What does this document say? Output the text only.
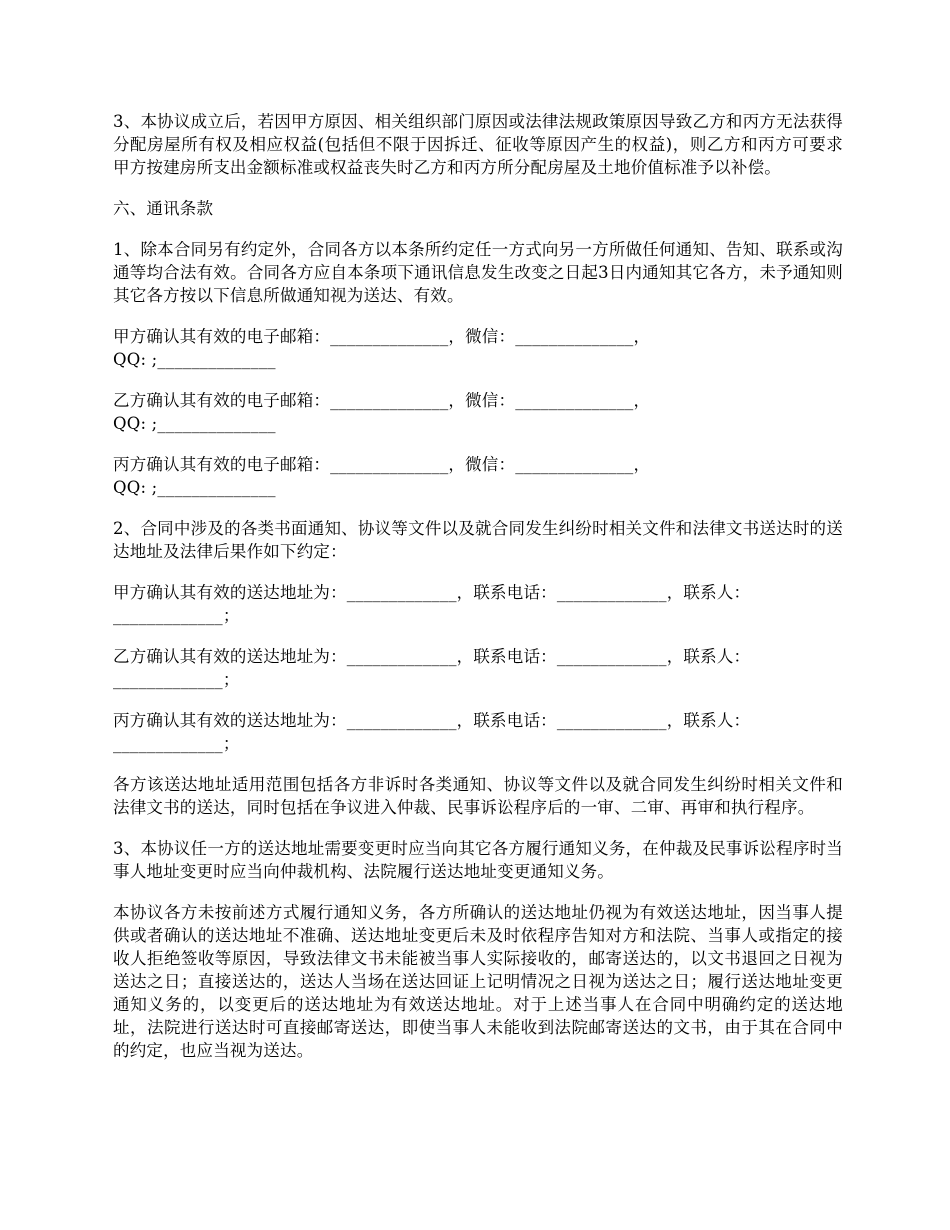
3、本协议成立后，若因甲方原因、相关组织部门原因或法律法规政策原因导致乙方和丙方无法获得分配房屋所有权及相应权益(包括但不限于因拆迁、征收等原因产生的权益)，则乙方和丙方可要求甲方按建房所支出金额标准或权益丧失时乙方和丙方所分配房屋及土地价值标准予以补偿。

六、通讯条款

1、除本合同另有约定外，合同各方以本条所约定任一方式向另一方所做任何通知、告知、联系或沟通等均合法有效。合同各方应自本条项下通讯信息发生改变之日起3日内通知其它各方，未予通知则其它各方按以下信息所做通知视为送达、有效。

甲方确认其有效的电子邮箱：______________，微信：______________，
QQ: ;______________

乙方确认其有效的电子邮箱：______________，微信：______________，
QQ: ;______________

丙方确认其有效的电子邮箱：______________，微信：______________，
QQ: ;______________

2、合同中涉及的各类书面通知、协议等文件以及就合同发生纠纷时相关文件和法律文书送达时的送达地址及法律后果作如下约定：

甲方确认其有效的送达地址为：_____________，联系电话：_____________，联系人：
_____________；

乙方确认其有效的送达地址为：_____________，联系电话：_____________，联系人：
_____________；

丙方确认其有效的送达地址为：_____________，联系电话：_____________，联系人：
_____________；

各方该送达地址适用范围包括各方非诉时各类通知、协议等文件以及就合同发生纠纷时相关文件和法律文书的送达，同时包括在争议进入仲裁、民事诉讼程序后的一审、二审、再审和执行程序。

3、本协议任一方的送达地址需要变更时应当向其它各方履行通知义务，在仲裁及民事诉讼程序时当事人地址变更时应当向仲裁机构、法院履行送达地址变更通知义务。

本协议各方未按前述方式履行通知义务，各方所确认的送达地址仍视为有效送达地址，因当事人提供或者确认的送达地址不准确、送达地址变更后未及时依程序告知对方和法院、当事人或指定的接收人拒绝签收等原因，导致法律文书未能被当事人实际接收的，邮寄送达的，以文书退回之日视为送达之日；直接送达的，送达人当场在送达回证上记明情况之日视为送达之日；履行送达地址变更通知义务的，以变更后的送达地址为有效送达地址。对于上述当事人在合同中明确约定的送达地址，法院进行送达时可直接邮寄送达，即使当事人未能收到法院邮寄送达的文书，由于其在合同中的约定，也应当视为送达。
